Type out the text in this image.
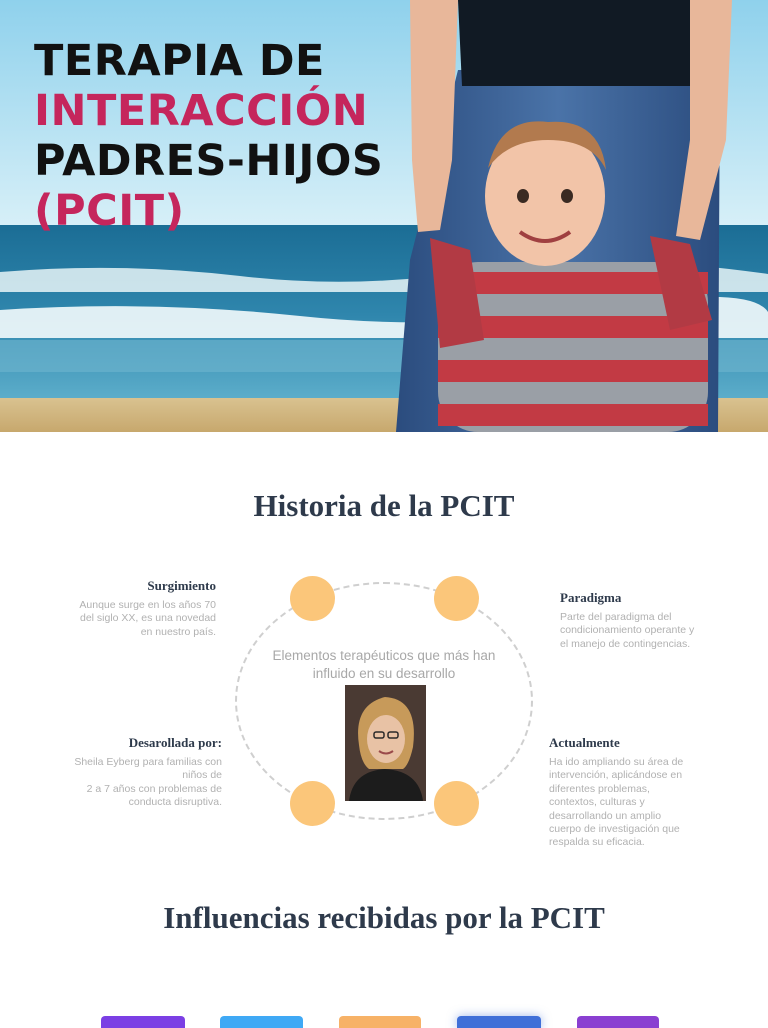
TERAPIA DE
INTERACCIÓN
PADRES-HIJOS
(PCIT)
Historia de la PCIT
Elementos terapéuticos que más han influido en su desarrollo
Surgimiento

Aunque surge en los años 70
del siglo XX, es una novedad
en nuestro país.

Paradigma

Parte del paradigma del
condicionamiento operante y
el manejo de contingencias.

Desarollada por:

Sheila Eyberg para familias con
niños de
2 a 7 años con problemas de
conducta disruptiva.

Actualmente

Ha ido ampliando su área de
intervención, aplicándose en
diferentes problemas,
contextos, culturas y
desarrollando un amplio
cuerpo de investigación que
respalda su eficacia.

Influencias recibidas por la PCIT
